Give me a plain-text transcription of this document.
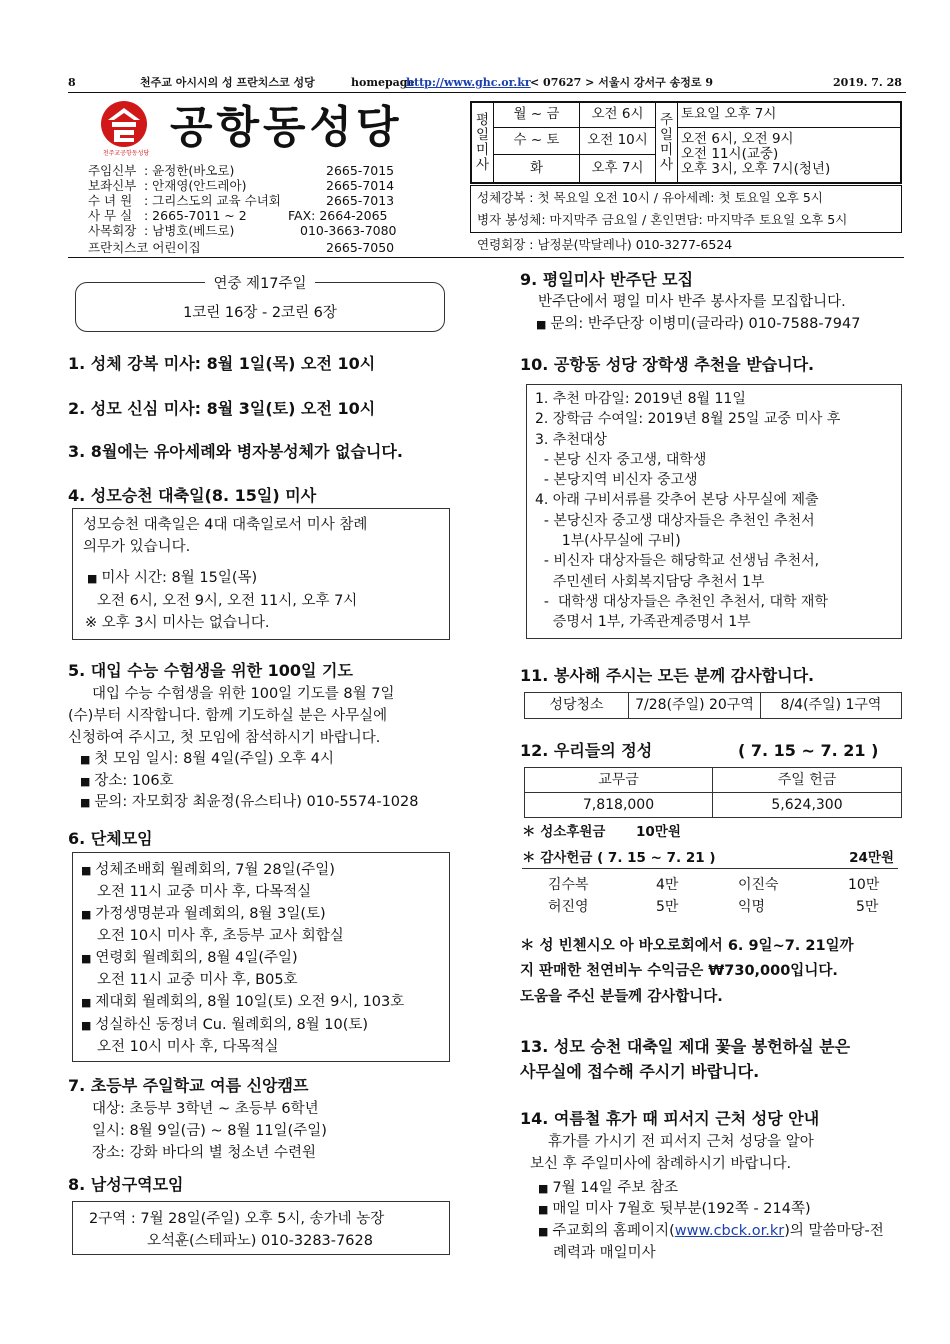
8	천주교 아시시의 성 프란치스코 성당	homepage
http://www.ghc.or.kr < 07627 > 서울시 강서구 송정로 9	2019. 7. 28
천주교공항동성당
공항동성당
주임신부 : 윤정한(바오로)	2665-7015
보좌신부 : 안재영(안드레아)	2665-7014
수 녀 원 : 그리스도의 교육 수녀회	2665-7013
사 무 실 : 2665-7011 ~ 2	FAX: 2664-2065
사목회장 : 남병호(베드로)	010-3663-7080
프란치스코 어린이집	2665-7050
평일미사	월 ~ 금	오전 6시	주일미사	토요일 오후 7시
	수 ~ 토	오전 10시		오전 6시, 오전 9시
오전 11시(교중)
오후 3시, 오후 7시(청년)

	화	오후 7시		
성체강복 : 첫 목요일 오전 10시 / 유아세례: 첫 토요일 오후 5시
병자 봉성체: 마지막주 금요일 / 혼인면담: 마지막주 토요일 오후 5시
연령회장 : 남정분(막달레나) 010-3277-6524
연중 제17주일
1코린 16장 - 2코린 6장
1. 성체 강복 미사: 8월 1일(목) 오전 10시
2. 성모 신심 미사: 8월 3일(토) 오전 10시
3. 8월에는 유아세례와 병자봉성체가 없습니다.
4. 성모승천 대축일(8. 15일) 미사
성모승천 대축일은 4대 대축일로서 미사 참례
의무가 있습니다.
■ 미사 시간: 8월 15일(목)
오전 6시, 오전 9시, 오전 11시, 오후 7시
※ 오후 3시 미사는 없습니다.
5. 대입 수능 수험생을 위한 100일 기도
대입 수능 수험생을 위한 100일 기도를 8월 7일
(수)부터 시작합니다. 함께 기도하실 분은 사무실에
신청하여 주시고, 첫 모임에 참석하시기 바랍니다.
■ 첫 모임 일시: 8월 4일(주일) 오후 4시
■ 장소: 106호
■ 문의: 자모회장 최윤정(유스티나) 010-5574-1028
6. 단체모임
■ 성체조배회 월례회의, 7월 28일(주일)
오전 11시 교중 미사 후, 다목적실
■ 가정생명분과 월례회의, 8월 3일(토)
오전 10시 미사 후, 초등부 교사 회합실
■ 연령회 월례회의, 8월 4일(주일)
오전 11시 교중 미사 후, B05호
■ 제대회 월례회의, 8월 10일(토) 오전 9시, 103호
■ 성실하신 동정녀 Cu. 월례회의, 8월 10(토)
오전 10시 미사 후, 다목적실
7. 초등부 주일학교 여름 신앙캠프
대상: 초등부 3학년 ~ 초등부 6학년
일시: 8월 9일(금) ~ 8월 11일(주일)
장소: 강화 바다의 별 청소년 수련원
8. 남성구역모임
2구역 : 7월 28일(주일) 오후 5시, 송가네 농장
오석훈(스테파노) 010-3283-7628
9. 평일미사 반주단 모집
반주단에서 평일 미사 반주 봉사자를 모집합니다.
■ 문의: 반주단장 이병미(글라라) 010-7588-7947
10. 공항동 성당 장학생 추천을 받습니다.
1. 추천 마감일: 2019년 8월 11일
2. 장학금 수여일: 2019년 8월 25일 교중 미사 후
3. 추천대상
- 본당 신자 중고생, 대학생
- 본당지역 비신자 중고생
4. 아래 구비서류를 갖추어 본당 사무실에 제출
- 본당신자 중고생 대상자들은 추천인 추천서
1부(사무실에 구비)
- 비신자 대상자들은 해당학교 선생님 추천서,
주민센터 사회복지담당 추천서 1부
-  대학생 대상자들은 추천인 추천서, 대학 재학
증명서 1부, 가족관계증명서 1부
11. 봉사해 주시는 모든 분께 감사합니다.
성당청소	7/28(주일) 20구역	8/4(주일) 1구역
12. 우리들의 정성	( 7. 15 ~ 7. 21 )
교무금	주일 헌금
7,818,000	5,624,300
＊ 성소후원금 10만원
＊ 감사헌금 ( 7. 15 ~ 7. 21 )	24만원
김수복	4만	이진숙	10만
허진영	5만	익명	5만
＊ 성 빈첸시오 아 바오로회에서 6. 9일~7. 21일까
지 판매한 천연비누 수익금은 ₩730,000입니다.
도움을 주신 분들께 감사합니다.
13. 성모 승천 대축일 제대 꽃을 봉헌하실 분은
사무실에 접수해 주시기 바랍니다.
14. 여름철 휴가 때 피서지 근처 성당 안내
휴가를 가시기 전 피서지 근처 성당을 알아
보신 후 주일미사에 참례하시기 바랍니다.
■ 7월 14일 주보 참조
■ 매일 미사 7월호 뒷부분(192쪽 - 214쪽)
■ 주교회의 홈페이지(www.cbck.or.kr)의 말씀마당-전
례력과 매일미사
